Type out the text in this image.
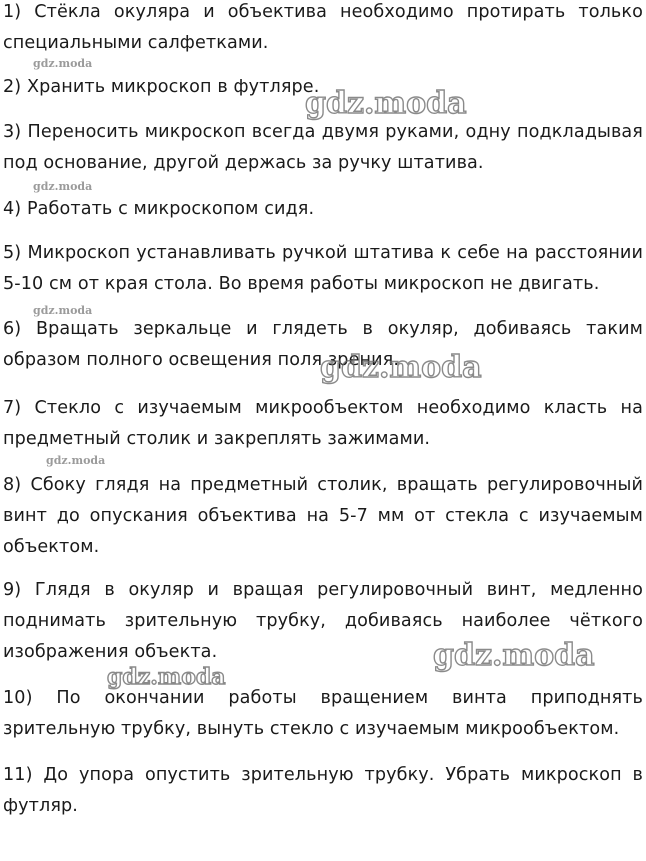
1) Стёкла окуляра и объектива необходимо протирать только специальными салфетками.

2) Хранить микроскоп в футляре.

3) Переносить микроскоп всегда двумя руками, одну подкладывая под основание, другой держась за ручку штатива.

4) Работать с микроскопом сидя.

5) Микроскоп устанавливать ручкой штатива к себе на расстоянии 5-10 см от края стола. Во время работы микроскоп не двигать.

6) Вращать зеркальце и глядеть в окуляр, добиваясь таким образом полного освещения поля зрения.

7) Стекло с изучаемым микрообъектом необходимо класть на предметный столик и закреплять зажимами.

8) Сбоку глядя на предметный столик, вращать регулировочный винт до опускания объектива на 5-7 мм от стекла с изучаемым объектом.

9) Глядя в окуляр и вращая регулировочный винт, медленно поднимать зрительную трубку, добиваясь наиболее чёткого изображения объекта.

10) По окончании работы вращением винта приподнять зрительную трубку, вынуть стекло с изучаемым микрообъектом.

11) До упора опустить зрительную трубку. Убрать микроскоп в футляр.

gdz.moda
gdz.moda
gdz.moda
gdz.moda
gdz.moda
gdz.moda
gdz.moda
gdz.moda
